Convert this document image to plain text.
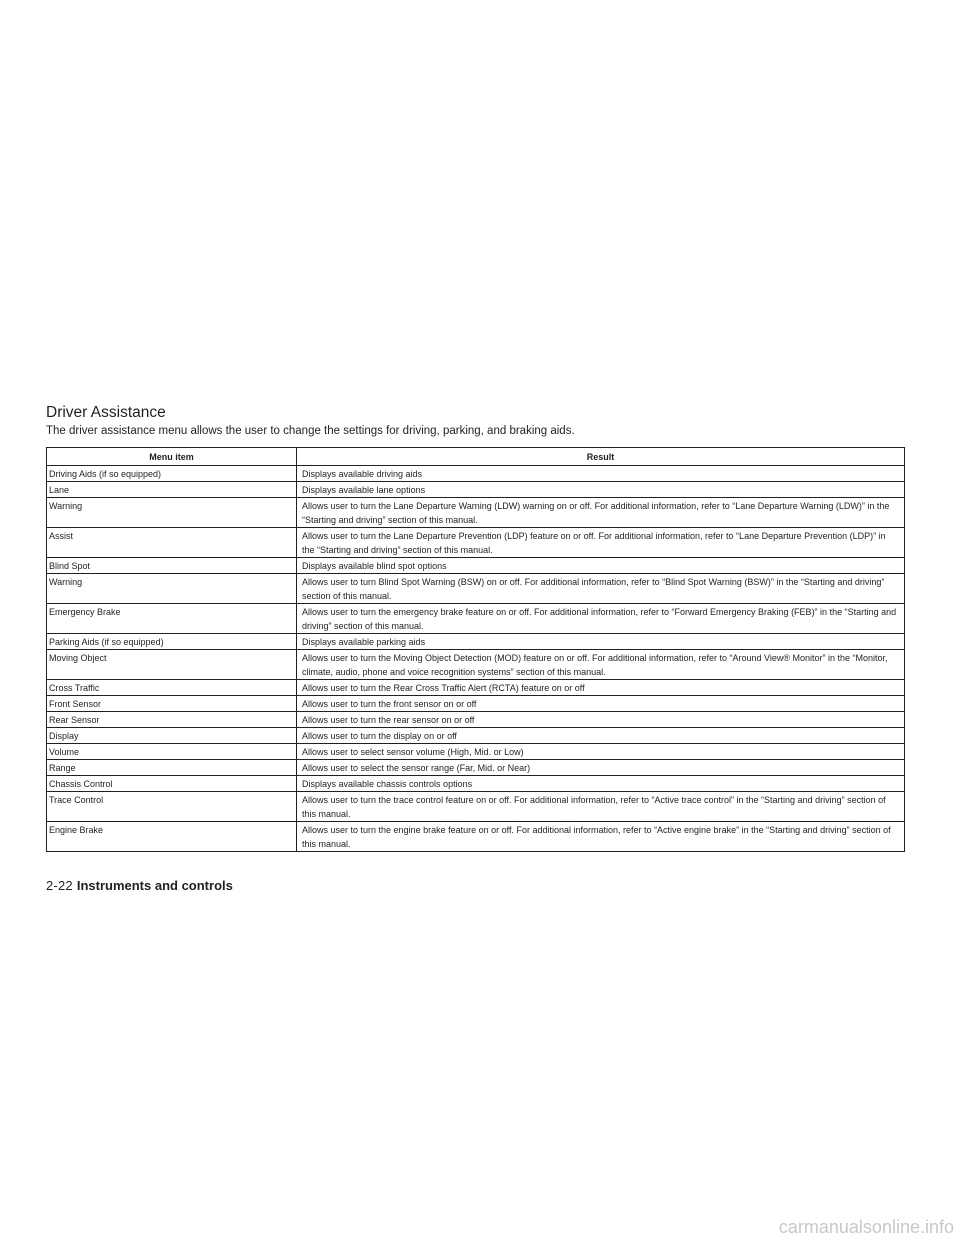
Driver Assistance

The driver assistance menu allows the user to change the settings for driving, parking, and braking aids.

Menu item	Result
Driving Aids (if so equipped)	Displays available driving aids
Lane	Displays available lane options
Warning	Allows user to turn the Lane Departure Warning (LDW) warning on or off. For additional information, refer to “Lane Departure Warning (LDW)” in the “Starting and driving” section of this manual.
Assist	Allows user to turn the Lane Departure Prevention (LDP) feature on or off. For additional information, refer to “Lane Departure Prevention (LDP)” in the “Starting and driving” section of this manual.
Blind Spot	Displays available blind spot options
Warning	Allows user to turn Blind Spot Warning (BSW) on or off. For additional information, refer to “Blind Spot Warning (BSW)” in the “Starting and driving” section of this manual.
Emergency Brake	Allows user to turn the emergency brake feature on or off. For additional information, refer to “Forward Emergency Braking (FEB)” in the “Starting and driving” section of this manual.
Parking Aids (if so equipped)	Displays available parking aids
Moving Object	Allows user to turn the Moving Object Detection (MOD) feature on or off. For additional information, refer to “Around View® Monitor” in the “Monitor, climate, audio, phone and voice recognition systems” section of this manual.
Cross Traffic	Allows user to turn the Rear Cross Traffic Alert (RCTA) feature on or off
Front Sensor	Allows user to turn the front sensor on or off
Rear Sensor	Allows user to turn the rear sensor on or off
Display	Allows user to turn the display on or off
Volume	Allows user to select sensor volume (High, Mid. or Low)
Range	Allows user to select the sensor range (Far, Mid. or Near)
Chassis Control	Displays available chassis controls options
Trace Control	Allows user to turn the trace control feature on or off. For additional information, refer to “Active trace control” in the “Starting and driving” section of this manual.
Engine Brake	Allows user to turn the engine brake feature on or off. For additional information, refer to “Active engine brake” in the “Starting and driving” section of this manual.

2-22 Instruments and controls

carmanualsonline.info
